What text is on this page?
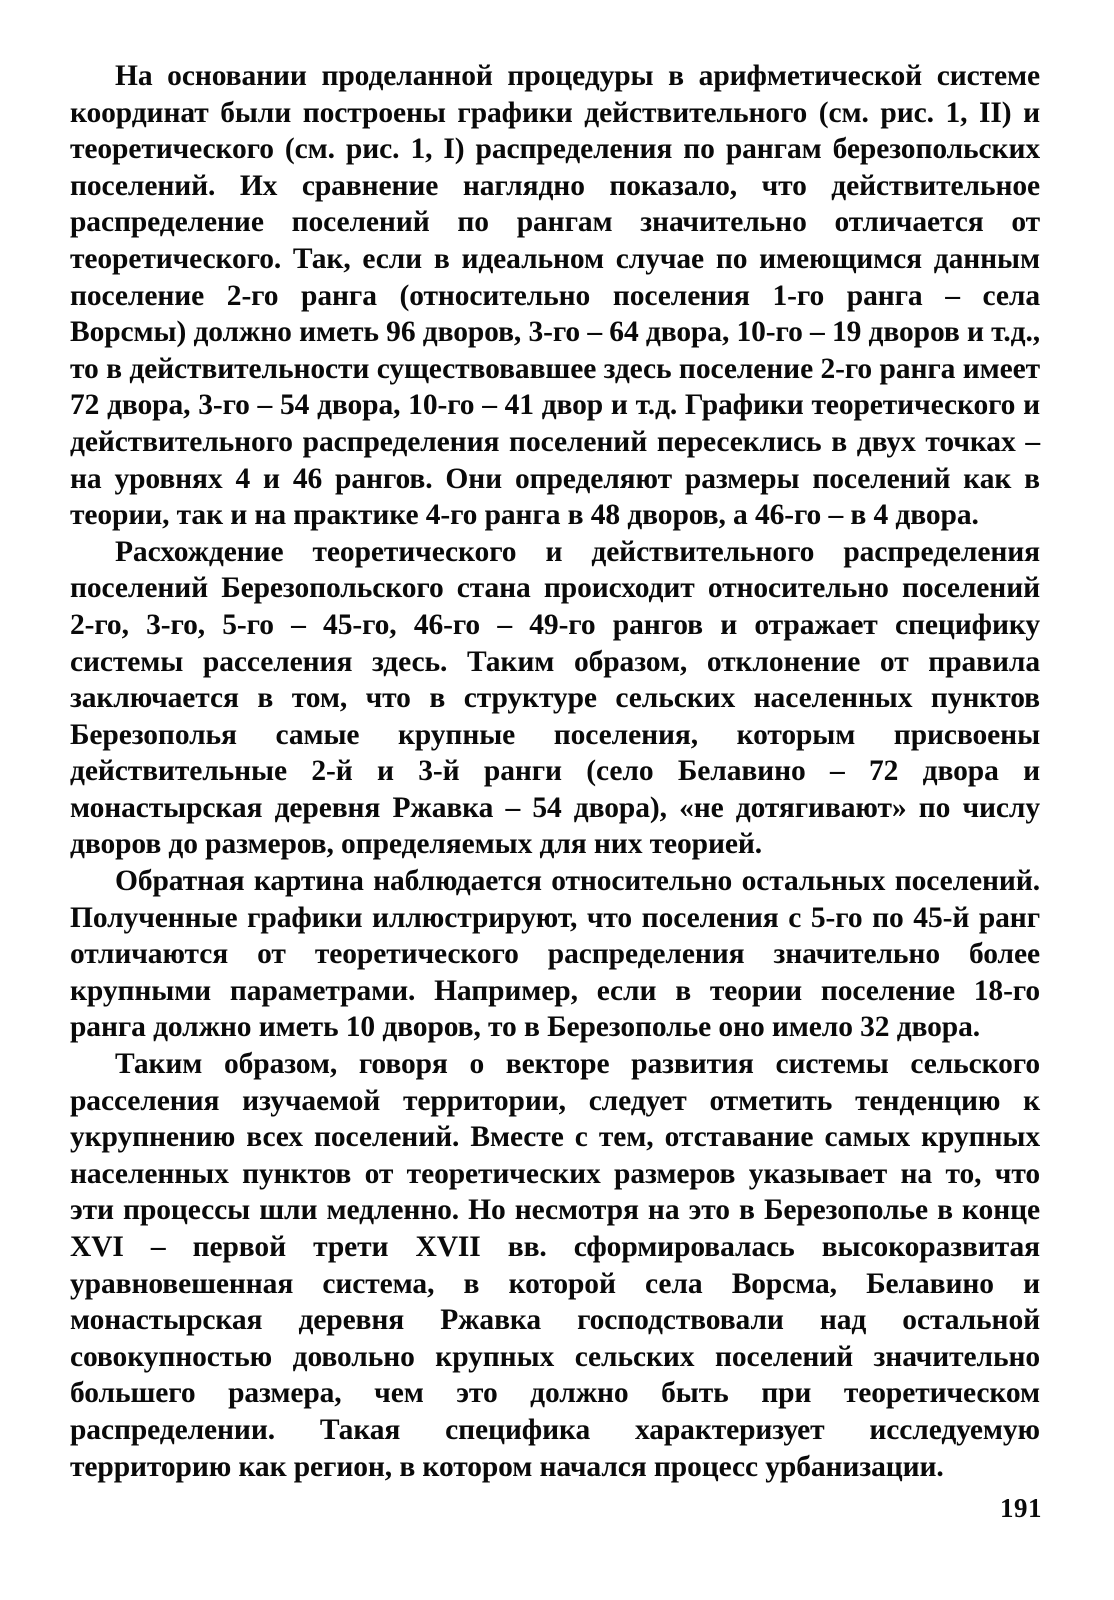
На основании проделанной процедуры в арифметической системе координат были построены графики действительного (см. рис. 1, II) и теоретического (см. рис. 1, I) распределения по рангам березопольских поселений. Их сравнение наглядно показало, что действительное распределение поселений по рангам значительно отличается от теоретического. Так, если в идеальном случае по имеющимся данным поселение 2-го ранга (относительно поселения 1-го ранга – села Ворсмы) должно иметь 96 дворов, 3-го – 64 двора, 10-го – 19 дворов и т.д., то в действительности существовавшее здесь поселение 2-го ранга имеет 72 двора, 3-го – 54 двора, 10-го – 41 двор и т.д. Графики теоретического и действительного распределения поселений пересеклись в двух точках – на уровнях 4 и 46 рангов. Они определяют размеры поселений как в теории, так и на практике 4-го ранга в 48 дворов, а 46-го – в 4 двора.

Расхождение теоретического и действительного распределения поселений Березопольского стана происходит относительно поселений 2-го, 3-го, 5-го – 45-го, 46-го – 49-го рангов и отражает специфику системы расселения здесь. Таким образом, отклонение от правила заключается в том, что в структуре сельских населенных пунктов Березополья самые крупные поселения, которым присвоены действительные 2-й и 3-й ранги (село Белавино – 72 двора и монастырская деревня Ржавка – 54 двора), «не дотягивают» по числу дворов до размеров, определяемых для них теорией.

Обратная картина наблюдается относительно остальных поселений. Полученные графики иллюстрируют, что поселения с 5-го по 45-й ранг отличаются от теоретического распределения значительно более крупными параметрами. Например, если в теории поселение 18-го ранга должно иметь 10 дворов, то в Березополье оно имело 32 двора.

Таким образом, говоря о векторе развития системы сельского расселения изучаемой территории, следует отметить тенденцию к укрупнению всех поселений. Вместе с тем, отставание самых крупных населенных пунктов от теоретических размеров указывает на то, что эти процессы шли медленно. Но несмотря на это в Березополье в конце XVI – первой трети XVII вв. сформировалась высокоразвитая уравновешенная система, в которой села Ворсма, Белавино и монастырская деревня Ржавка господствовали над остальной совокупностью довольно крупных сельских поселений значительно большего размера, чем это должно быть при теоретическом распределении. Такая специфика характеризует исследуемую территорию как регион, в котором начался процесс урбанизации.

191
